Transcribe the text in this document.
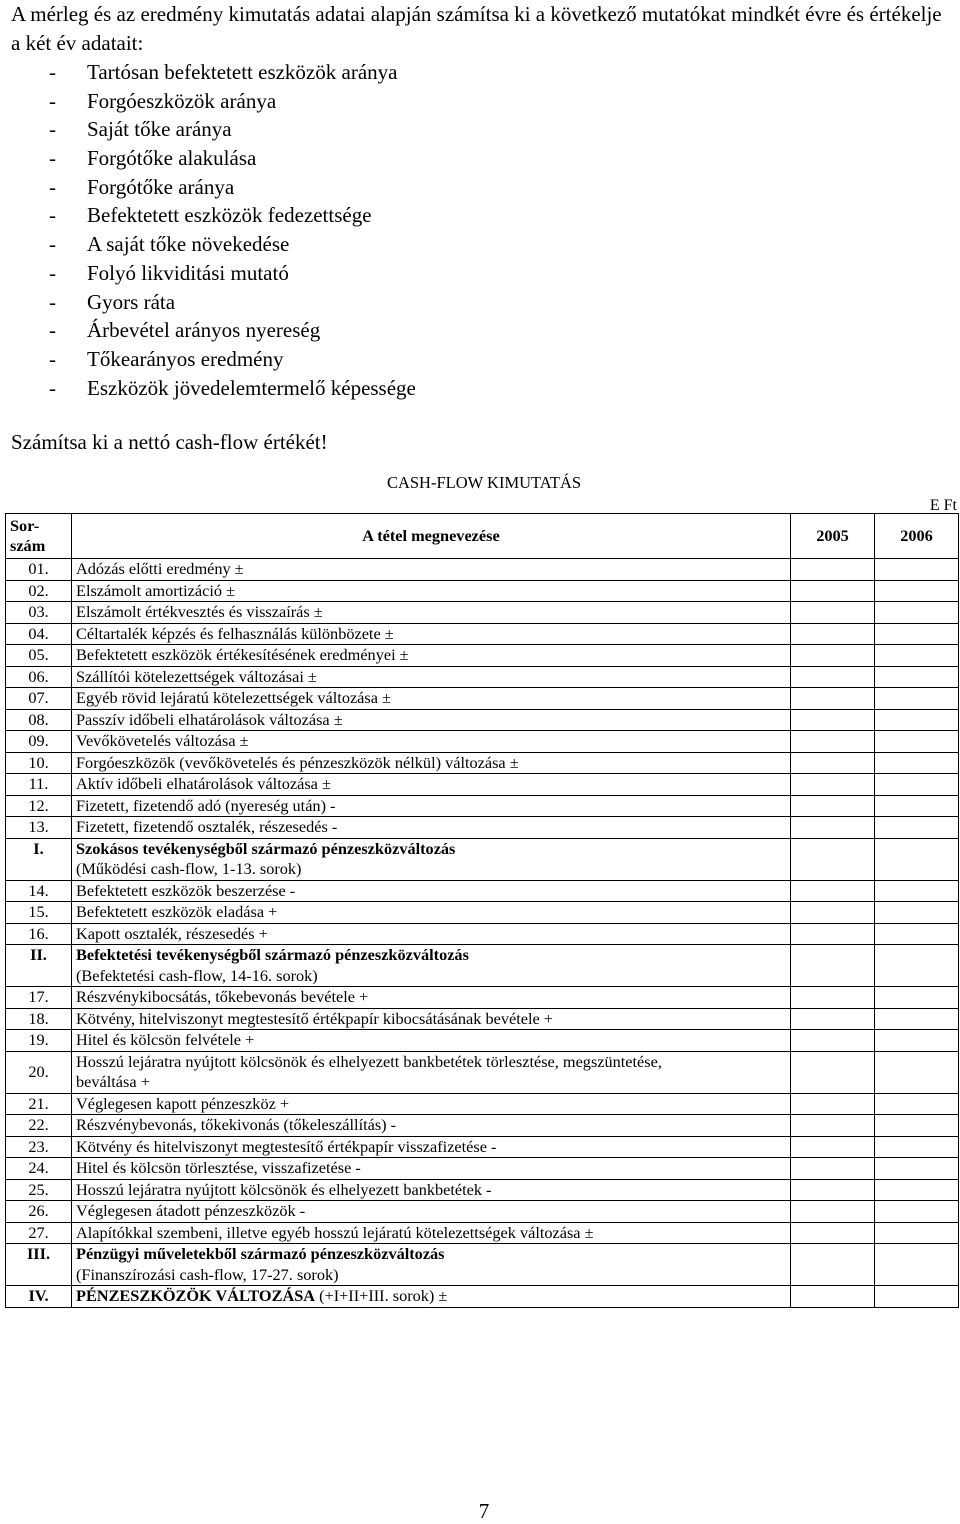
A mérleg és az eredmény kimutatás adatai alapján számítsa ki a következő mutatókat mindkét évre és értékelje a két év adatait:

- Tartósan befektetett eszközök aránya
- Forgóeszközök aránya
- Saját tőke aránya
- Forgótőke alakulása
- Forgótőke aránya
- Befektetett eszközök fedezettsége
- A saját tőke növekedése
- Folyó likviditási mutató
- Gyors ráta
- Árbevétel arányos nyereség
- Tőkearányos eredmény
- Eszközök jövedelemtermelő képessége

Számítsa ki a nettó cash-flow értékét!

CASH-FLOW KIMUTATÁS
E Ft
Sor-
szám	A tétel megnevezése	2005	2006
01.	Adózás előtti eredmény ±		
02.	Elszámolt amortizáció ±		
03.	Elszámolt értékvesztés és visszaírás ±		
04.	Céltartalék képzés és felhasználás különbözete ±		
05.	Befektetett eszközök értékesítésének eredményei ±		
06.	Szállítói kötelezettségek változásai ±		
07.	Egyéb rövid lejáratú kötelezettségek változása ±		
08.	Passzív időbeli elhatárolások változása ±		
09.	Vevőkövetelés változása ±		
10.	Forgóeszközök (vevőkövetelés és pénzeszközök nélkül) változása ±		
11.	Aktív időbeli elhatárolások változása ±		
12.	Fizetett, fizetendő adó (nyereség után) -		
13.	Fizetett, fizetendő osztalék, részesedés -		
I.	Szokásos tevékenységből származó pénzeszközváltozás
(Működési cash-flow, 1-13. sorok)		
14.	Befektetett eszközök beszerzése -		
15.	Befektetett eszközök eladása +		
16.	Kapott osztalék, részesedés +		
II.	Befektetési tevékenységből származó pénzeszközváltozás
(Befektetési cash-flow, 14-16. sorok)		
17.	Részvénykibocsátás, tőkebevonás bevétele +		
18.	Kötvény, hitelviszonyt megtestesítő értékpapír kibocsátásának bevétele +		
19.	Hitel és kölcsön felvétele +		
20.	Hosszú lejáratra nyújtott kölcsönök és elhelyezett bankbetétek törlesztése, megszüntetése,
beváltása +		
21.	Véglegesen kapott pénzeszköz +		
22.	Részvénybevonás, tőkekivonás (tőkeleszállítás) -		
23.	Kötvény és hitelviszonyt megtestesítő értékpapír visszafizetése -		
24.	Hitel és kölcsön törlesztése, visszafizetése -		
25.	Hosszú lejáratra nyújtott kölcsönök és elhelyezett bankbetétek -		
26.	Véglegesen átadott pénzeszközök -		
27.	Alapítókkal szembeni, illetve egyéb hosszú lejáratú kötelezettségek változása ±		
III.	Pénzügyi műveletekből származó pénzeszközváltozás
(Finanszírozási cash-flow, 17-27. sorok)		
IV.	PÉNZESZKÖZÖK VÁLTOZÁSA (+I+II+III. sorok) ±		
7
